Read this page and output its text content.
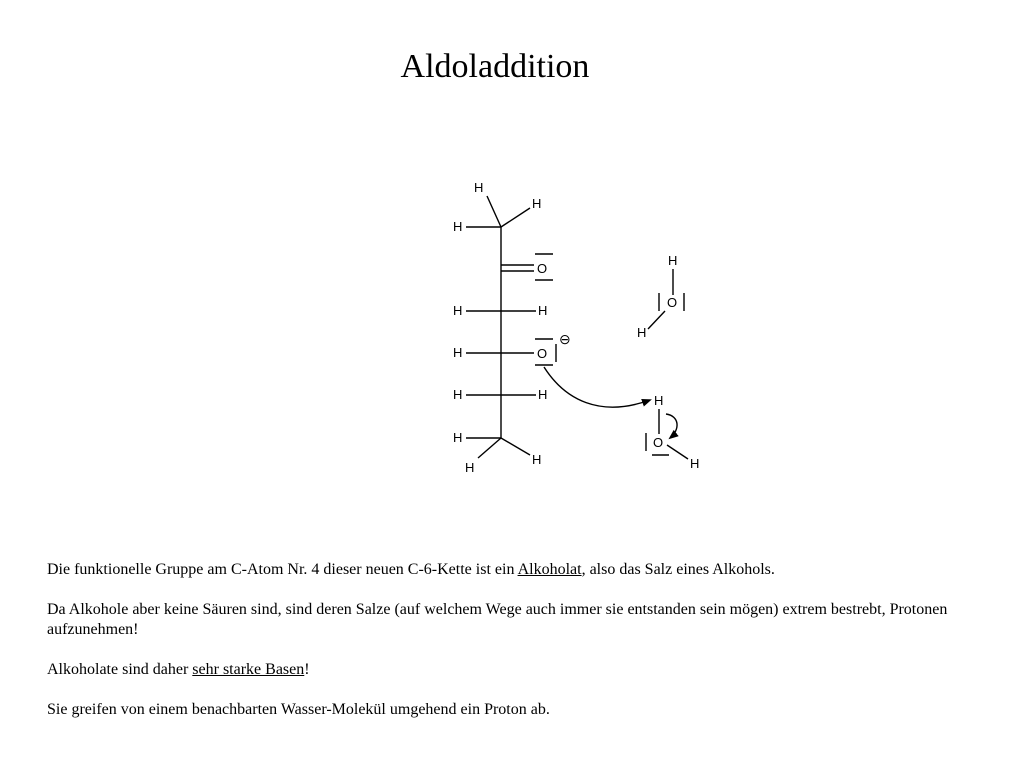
Aldoladdition
H
H
H
O
H	H
H	O
⊖
H	H
H
H
H
H
O
H
H
O
H

Die funktionelle Gruppe am C-Atom Nr. 4 dieser neuen C-6-Kette ist ein Alkoholat, also das Salz eines Alkohols.

Da Alkohole aber keine Säuren sind, sind deren Salze (auf welchem Wege auch immer sie entstanden sein mögen) extrem bestrebt, Protonen aufzunehmen!

Alkoholate sind daher sehr starke Basen!

Sie greifen von einem benachbarten Wasser-Molekül umgehend ein Proton ab.
